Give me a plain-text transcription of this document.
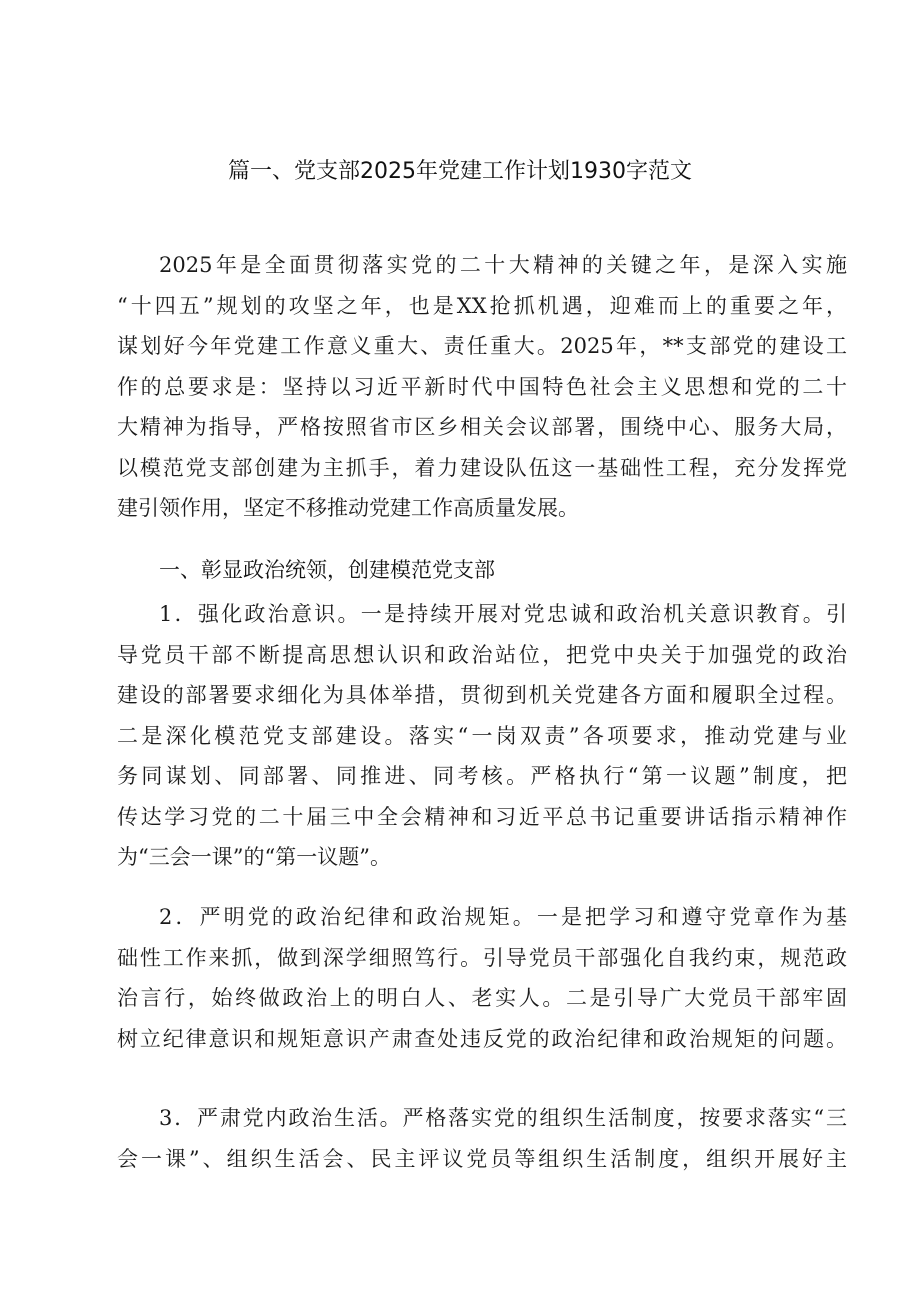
篇一、党支部2025年党建工作计划1930字范文
2025年是全面贯彻落实党的二十大精神的关键之年，是深入实施
“十四五”规划的攻坚之年，也是XX抢抓机遇，迎难而上的重要之年，
谋划好今年党建工作意义重大、责任重大。2025年，**支部党的建设工
作的总要求是：坚持以习近平新时代中国特色社会主义思想和党的二十
大精神为指导，严格按照省市区乡相关会议部署，围绕中心、服务大局，
以模范党支部创建为主抓手，着力建设队伍这一基础性工程，充分发挥党
建引领作用，坚定不移推动党建工作高质量发展。
一、彰显政治统领，创建模范党支部
1．强化政治意识。一是持续开展对党忠诚和政治机关意识教育。引
导党员干部不断提高思想认识和政治站位，把党中央关于加强党的政治
建设的部署要求细化为具体举措，贯彻到机关党建各方面和履职全过程。
二是深化模范党支部建设。落实“一岗双责”各项要求，推动党建与业
务同谋划、同部署、同推进、同考核。严格执行“第一议题”制度，把
传达学习党的二十届三中全会精神和习近平总书记重要讲话指示精神作
为“三会一课”的“第一议题”。
2．严明党的政治纪律和政治规矩。一是把学习和遵守党章作为基
础性工作来抓，做到深学细照笃行。引导党员干部强化自我约束，规范政
治言行，始终做政治上的明白人、老实人。二是引导广大党员干部牢固
树立纪律意识和规矩意识产肃查处违反党的政治纪律和政治规矩的问题。
3．严肃党内政治生活。严格落实党的组织生活制度，按要求落实“三
会一课”、组织生活会、民主评议党员等组织生活制度，组织开展好主
